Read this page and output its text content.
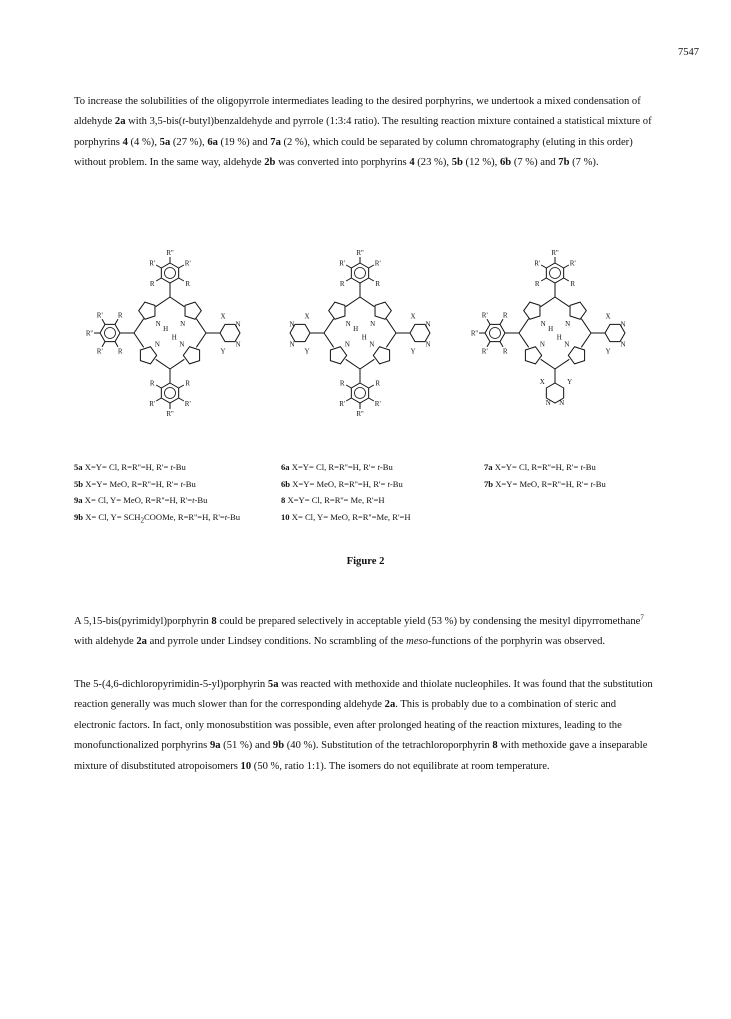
7547

To increase the solubilities of the oligopyrrole intermediates leading to the desired porphyrins, we undertook a mixed condensation of aldehyde 2a with 3,5-bis(t-butyl)benzaldehyde and pyrrole (1:3:4 ratio). The resulting reaction mixture contained a statistical mixture of porphyrins 4 (4 %), 5a (27 %), 6a (19 %) and 7a (2 %), which could be separated by column chromatography (eluting in this order) without problem. In the same way, aldehyde 2b was converted into porphyrins 4 (23 %), 5b (12 %), 6b (7 %) and 7b (7 %).

N
H
N
N
H
N
R''
R'
R
R
R'
N
N
X
Y
R
R'
R''
R' R
R
R'
R''
R'
R
N
H
N
N
H
N
R''
R'
R
R
R'
N
N
X
Y
N
N
X
Y
R
R'
R''
R'
R
N
H
N
N
H
N
R''
R'
R
R
R'
N
N
X
Y
R
R'
R''
R' R
N
N
X	Y
5a X=Y= Cl, R=R''=H, R'= t-Bu
5b X=Y= MeO, R=R''=H, R'= t-Bu
9a X= Cl, Y= MeO, R=R''=H, R'=t-Bu
9b X= Cl, $Y= SCH_2COOMe$, R=R''=H, R'=t-Bu
6a X=Y= Cl, R=R''=H, R'= t-Bu
6b X=Y= MeO, R=R''=H, R'= t-Bu
8 X=Y= Cl, R=R''= Me, R'=H
10 X= Cl, Y= MeO, R=R''=Me, R'=H
7a X=Y= Cl, R=R''=H, R'= t-Bu
7b X=Y= MeO, R=R''=H, R'= t-Bu
Figure 2

A 5,15-bis(pyrimidyl)porphyrin 8 could be prepared selectively in acceptable yield (53 %) by condensing the mesityl dipyrromethane$^7$ with aldehyde 2a and pyrrole under Lindsey conditions. No scrambling of the meso-functions of the porphyrin was observed.

The 5-(4,6-dichloropyrimidin-5-yl)porphyrin 5a was reacted with methoxide and thiolate nucleophiles. It was found that the substitution reaction generally was much slower than for the corresponding aldehyde 2a. This is probably due to a combination of steric and electronic factors. In fact, only monosubstition was possible, even after prolonged heating of the reaction mixtures, leading to the monofunctionalized porphyrins 9a (51 %) and 9b (40 %). Substitution of the tetrachloroporphyrin 8 with methoxide gave a inseparable mixture of disubstituted atropoisomers 10 (50 %, ratio 1:1). The isomers do not equilibrate at room temperature.
